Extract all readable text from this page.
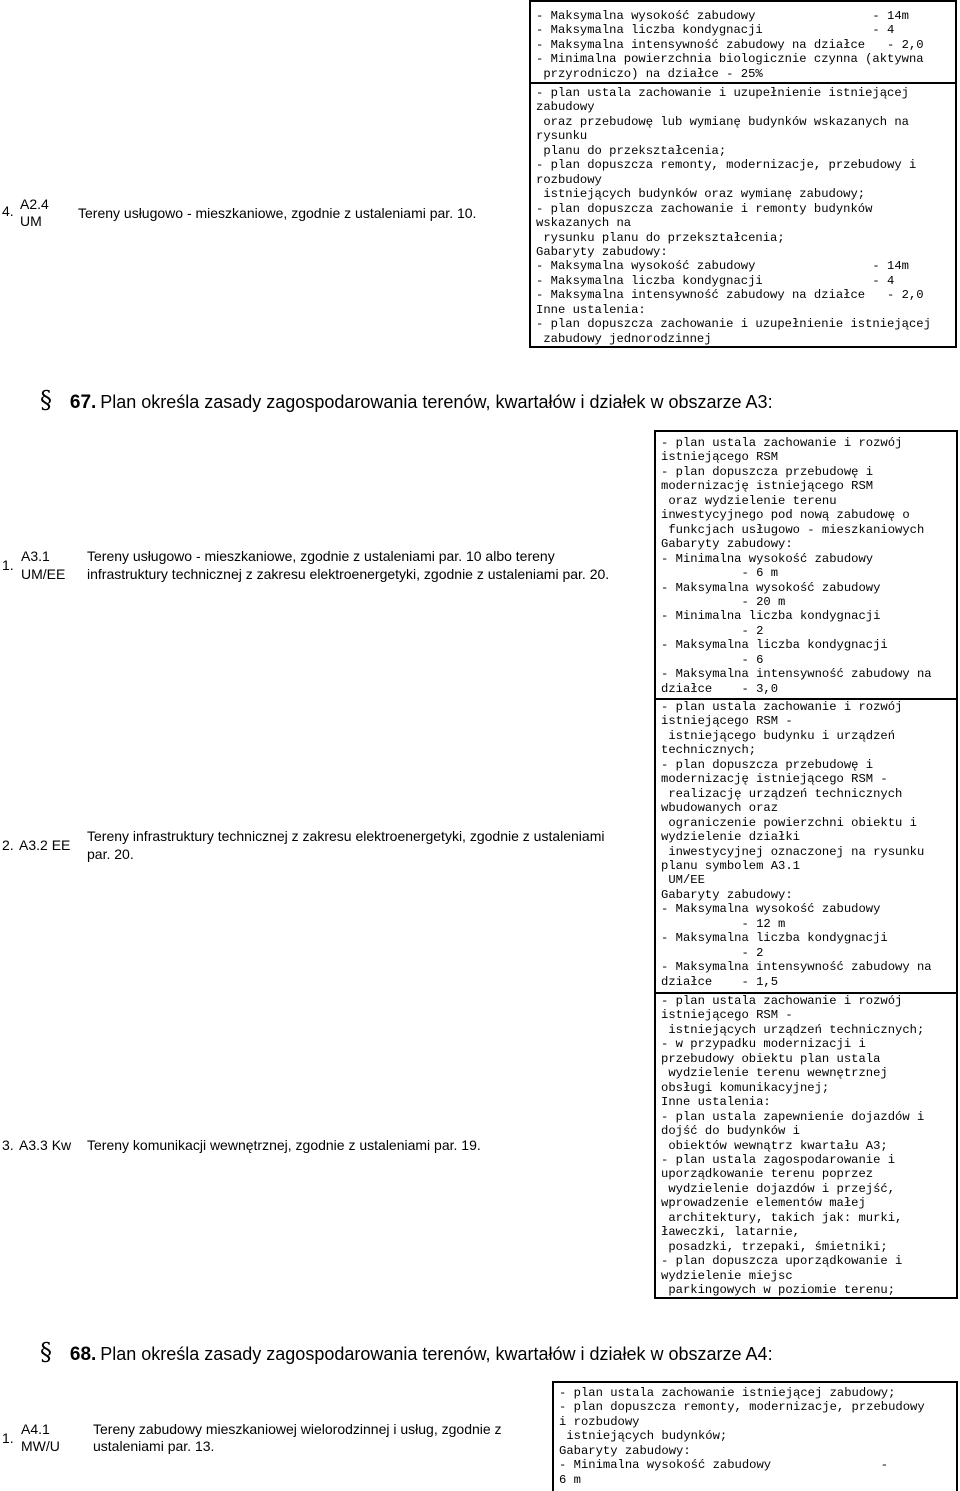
4. A2.4
UM	Tereny usługowo - mieszkaniowe, zgodnie z ustaleniami par. 10.
- Maksymalna wysokość zabudowy                - 14m
- Maksymalna liczba kondygnacji               - 4
- Maksymalna intensywność zabudowy na działce   - 2,0
- Minimalna powierzchnia biologicznie czynna (aktywna
przyrodniczo) na działce - 25%
- plan ustala zachowanie i uzupełnienie istniejącej
zabudowy
oraz przebudowę lub wymianę budynków wskazanych na
rysunku
planu do przekształcenia;
- plan dopuszcza remonty, modernizacje, przebudowy i
rozbudowy
istniejących budynków oraz wymianę zabudowy;
- plan dopuszcza zachowanie i remonty budynków
wskazanych na
rysunku planu do przekształcenia;
Gabaryty zabudowy:
- Maksymalna wysokość zabudowy                - 14m
- Maksymalna liczba kondygnacji               - 4
- Maksymalna intensywność zabudowy na działce   - 2,0
Inne ustalenia:
- plan dopuszcza zachowanie i uzupełnienie istniejącej
zabudowy jednorodzinnej
§ 67. Plan określa zasady zagospodarowania terenów, kwartałów i działek w obszarze A3:
1.
A3.1
UM/EE
Tereny usługowo - mieszkaniowe, zgodnie z ustaleniami par. 10 albo tereny
infrastruktury technicznej z zakresu elektroenergetyki, zgodnie z ustaleniami par. 20.
2. A3.2 EE
Tereny infrastruktury technicznej z zakresu elektroenergetyki, zgodnie z ustaleniami
par. 20.
3. A3.3 Kw Tereny komunikacji wewnętrznej, zgodnie z ustaleniami par. 19.
- plan ustala zachowanie i rozwój
istniejącego RSM
- plan dopuszcza przebudowę i
modernizację istniejącego RSM
oraz wydzielenie terenu
inwestycyjnego pod nową zabudowę o
funkcjach usługowo - mieszkaniowych
Gabaryty zabudowy:
- Minimalna wysokość zabudowy
- 6 m
- Maksymalna wysokość zabudowy
- 20 m
- Minimalna liczba kondygnacji
- 2
- Maksymalna liczba kondygnacji
- 6
- Maksymalna intensywność zabudowy na
działce    - 3,0
- plan ustala zachowanie i rozwój
istniejącego RSM -
istniejącego budynku i urządzeń
technicznych;
- plan dopuszcza przebudowę i
modernizację istniejącego RSM -
realizację urządzeń technicznych
wbudowanych oraz
ograniczenie powierzchni obiektu i
wydzielenie działki
inwestycyjnej oznaczonej na rysunku
planu symbolem A3.1
UM/EE
Gabaryty zabudowy:
- Maksymalna wysokość zabudowy
- 12 m
- Maksymalna liczba kondygnacji
- 2
- Maksymalna intensywność zabudowy na
działce    - 1,5
- plan ustala zachowanie i rozwój
istniejącego RSM -
istniejących urządzeń technicznych;
- w przypadku modernizacji i
przebudowy obiektu plan ustala
wydzielenie terenu wewnętrznej
obsługi komunikacyjnej;
Inne ustalenia:
- plan ustala zapewnienie dojazdów i
dojść do budynków i
obiektów wewnątrz kwartału A3;
- plan ustala zagospodarowanie i
uporządkowanie terenu poprzez
wydzielenie dojazdów i przejść,
wprowadzenie elementów małej
architektury, takich jak: murki,
ławeczki, latarnie,
posadzki, trzepaki, śmietniki;
- plan dopuszcza uporządkowanie i
wydzielenie miejsc
parkingowych w poziomie terenu;
§ 68. Plan określa zasady zagospodarowania terenów, kwartałów i działek w obszarze A4:
1.
A4.1
MW/U
Tereny zabudowy mieszkaniowej wielorodzinnej i usług, zgodnie z
ustaleniami par. 13.
- plan ustala zachowanie istniejącej zabudowy;
- plan dopuszcza remonty, modernizacje, przebudowy
i rozbudowy
istniejących budynków;
Gabaryty zabudowy:
- Minimalna wysokość zabudowy               -
6 m
